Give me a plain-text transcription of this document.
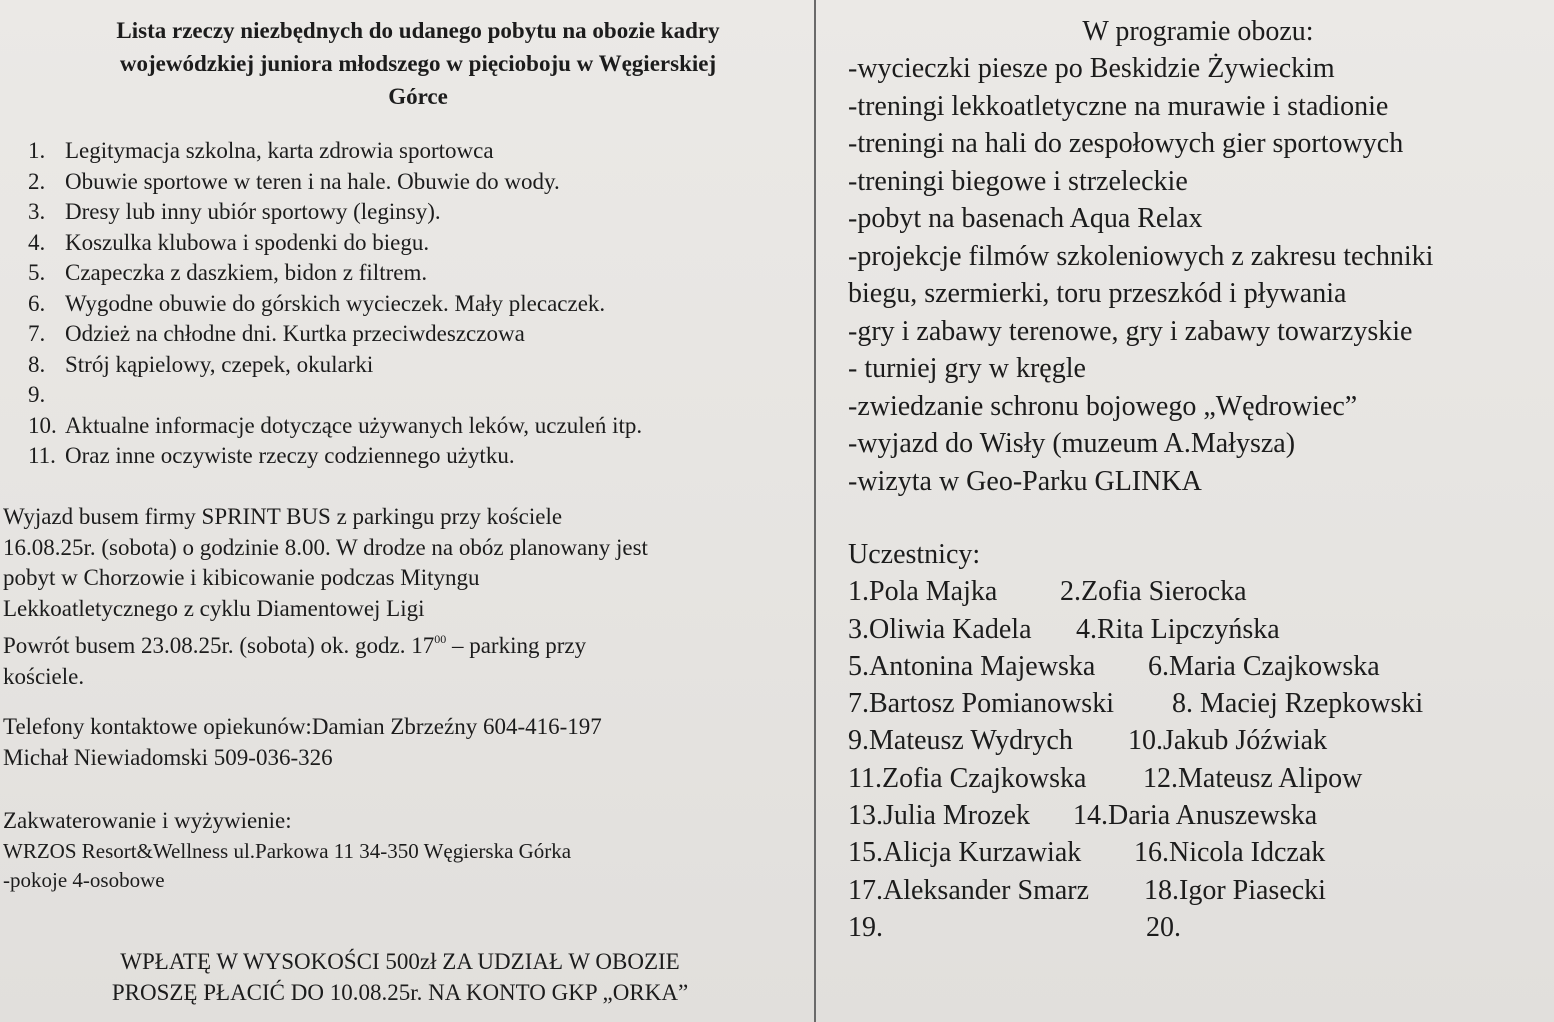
Lista rzeczy niezbędnych do udanego pobytu na obozie kadry
wojewódzkiej juniora młodszego w pięcioboju w Węgierskiej
Górce
1. Legitymacja szkolna, karta zdrowia sportowca
2. Obuwie sportowe w teren i na hale. Obuwie do wody.
3. Dresy lub inny ubiór sportowy (leginsy).
4. Koszulka klubowa i spodenki do biegu.
5. Czapeczka z daszkiem, bidon z filtrem.
6. Wygodne obuwie do górskich wycieczek. Mały plecaczek.
7. Odzież na chłodne dni. Kurtka przeciwdeszczowa
8. Strój kąpielowy, czepek, okularki
9.
10. Aktualne informacje dotyczące używanych leków, uczuleń itp.
11. Oraz inne oczywiste rzeczy codziennego użytku.
Wyjazd busem firmy SPRINT BUS z parkingu przy kościele
16.08.25r. (sobota) o godzinie 8.00. W drodze na obóz planowany jest
pobyt w Chorzowie i kibicowanie podczas Mityngu
Lekkoatletycznego z cyklu Diamentowej Ligi
Powrót busem 23.08.25r. (sobota) ok. godz. $17^{00}$ – parking przy
kościele.
Telefony kontaktowe opiekunów:Damian Zbrzeźny 604-416-197
Michał Niewiadomski 509-036-326
Zakwaterowanie i wyżywienie:
WRZOS Resort&Wellness ul.Parkowa 11 34-350 Węgierska Górka
-pokoje 4-osobowe
WPŁATĘ W WYSOKOŚCI 500zł ZA UDZIAŁ W OBOZIE
PROSZĘ PŁACIĆ DO 10.08.25r. NA KONTO GKP „ORKA”
W programie obozu:
-wycieczki piesze po Beskidzie Żywieckim
-treningi lekkoatletyczne na murawie i stadionie
-treningi na hali do zespołowych gier sportowych
-treningi biegowe i strzeleckie
-pobyt na basenach Aqua Relax
-projekcje filmów szkoleniowych z zakresu techniki
biegu, szermierki, toru przeszkód i pływania
-gry i zabawy terenowe, gry i zabawy towarzyskie
- turniej gry w kręgle
-zwiedzanie schronu bojowego „Wędrowiec”
-wyjazd do Wisły (muzeum A.Małysza)
-wizyta w Geo-Parku GLINKA
Uczestnicy:
1.Pola Majka	2.Zofia Sierocka
3.Oliwia Kadela	4.Rita Lipczyńska
5.Antonina Majewska	6.Maria Czajkowska
7.Bartosz Pomianowski	8. Maciej Rzepkowski
9.Mateusz Wydrych	10.Jakub Jóźwiak
11.Zofia Czajkowska	12.Mateusz Alipow
13.Julia Mrozek	14.Daria Anuszewska
15.Alicja Kurzawiak	16.Nicola Idczak
17.Aleksander Smarz	18.Igor Piasecki
19.	20.
